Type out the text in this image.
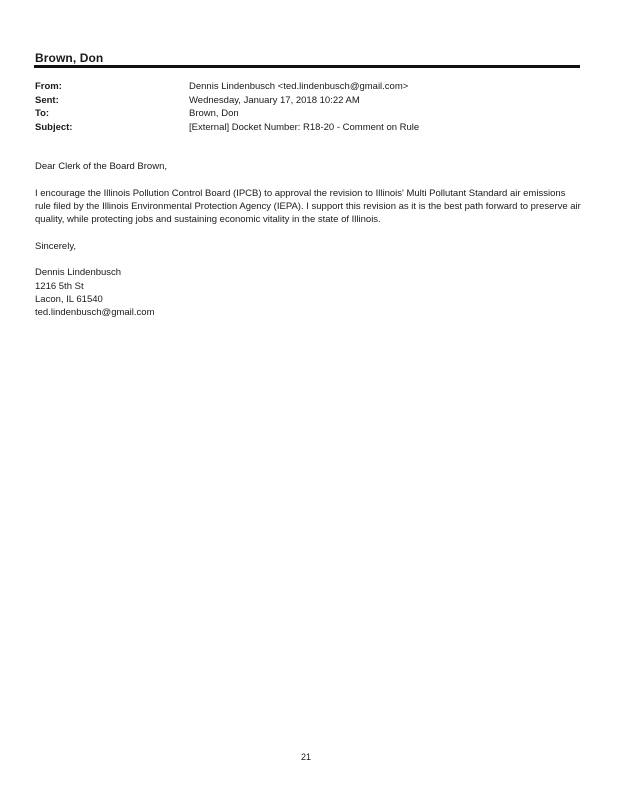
Brown, Don
From:	Dennis Lindenbusch <ted.lindenbusch@gmail.com>
Sent:	Wednesday, January 17, 2018 10:22 AM
To:	Brown, Don
Subject:	[External] Docket Number: R18-20 - Comment on Rule

Dear Clerk of the Board Brown,

I encourage the Illinois Pollution Control Board (IPCB) to approval the revision to Illinois' Multi Pollutant Standard air emissions rule filed by the Illinois Environmental Protection Agency (IEPA). I support this revision as it is the best path forward to preserve air quality, while protecting jobs and sustaining economic vitality in the state of Illinois.

Sincerely,

Dennis Lindenbusch
1216 5th St
Lacon, IL 61540
ted.lindenbusch@gmail.com
21
